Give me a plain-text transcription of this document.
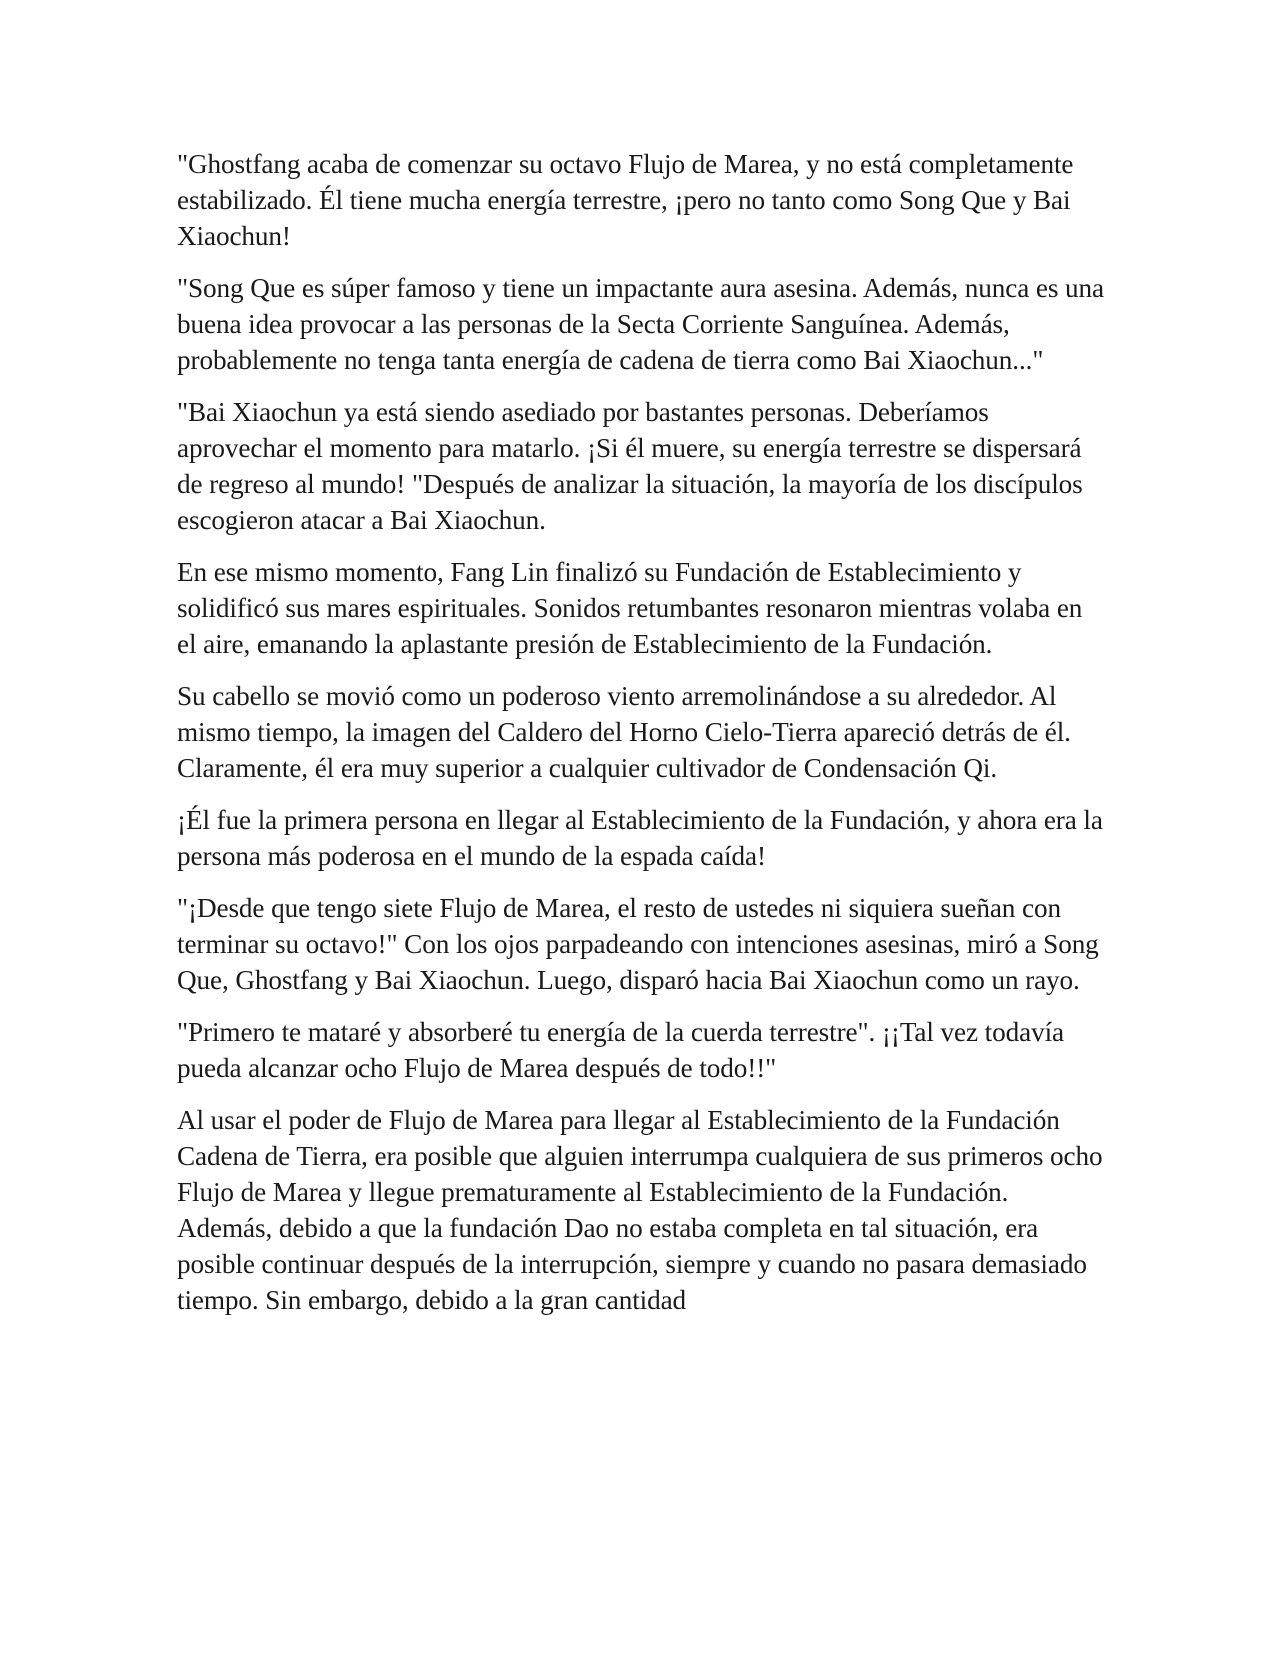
"Ghostfang acaba de comenzar su octavo Flujo de Marea, y no está completamente estabilizado. Él tiene mucha energía terrestre, ¡pero no tanto como Song Que y Bai Xiaochun!

"Song Que es súper famoso y tiene un impactante aura asesina. Además, nunca es una buena idea provocar a las personas de la Secta Corriente Sanguínea. Además, probablemente no tenga tanta energía de cadena de tierra como Bai Xiaochun..."

"Bai Xiaochun ya está siendo asediado por bastantes personas. Deberíamos aprovechar el momento para matarlo. ¡Si él muere, su energía terrestre se dispersará de regreso al mundo! "Después de analizar la situación, la mayoría de los discípulos escogieron atacar a Bai Xiaochun.

En ese mismo momento, Fang Lin finalizó su Fundación de Establecimiento y solidificó sus mares espirituales. Sonidos retumbantes resonaron mientras volaba en el aire, emanando la aplastante presión de Establecimiento de la Fundación.

Su cabello se movió como un poderoso viento arremolinándose a su alrededor. Al mismo tiempo, la imagen del Caldero del Horno Cielo-Tierra apareció detrás de él. Claramente, él era muy superior a cualquier cultivador de Condensación Qi.

¡Él fue la primera persona en llegar al Establecimiento de la Fundación, y ahora era la persona más poderosa en el mundo de la espada caída!

"¡Desde que tengo siete Flujo de Marea, el resto de ustedes ni siquiera sueñan con terminar su octavo!" Con los ojos parpadeando con intenciones asesinas, miró a Song Que, Ghostfang y Bai Xiaochun. Luego, disparó hacia Bai Xiaochun como un rayo.

"Primero te mataré y absorberé tu energía de la cuerda terrestre". ¡¡Tal vez todavía pueda alcanzar ocho Flujo de Marea después de todo!!"

Al usar el poder de Flujo de Marea para llegar al Establecimiento de la Fundación Cadena de Tierra, era posible que alguien interrumpa cualquiera de sus primeros ocho Flujo de Marea y llegue prematuramente al Establecimiento de la Fundación. Además, debido a que la fundación Dao no estaba completa en tal situación, era posible continuar después de la interrupción, siempre y cuando no pasara demasiado tiempo. Sin embargo, debido a la gran cantidad
